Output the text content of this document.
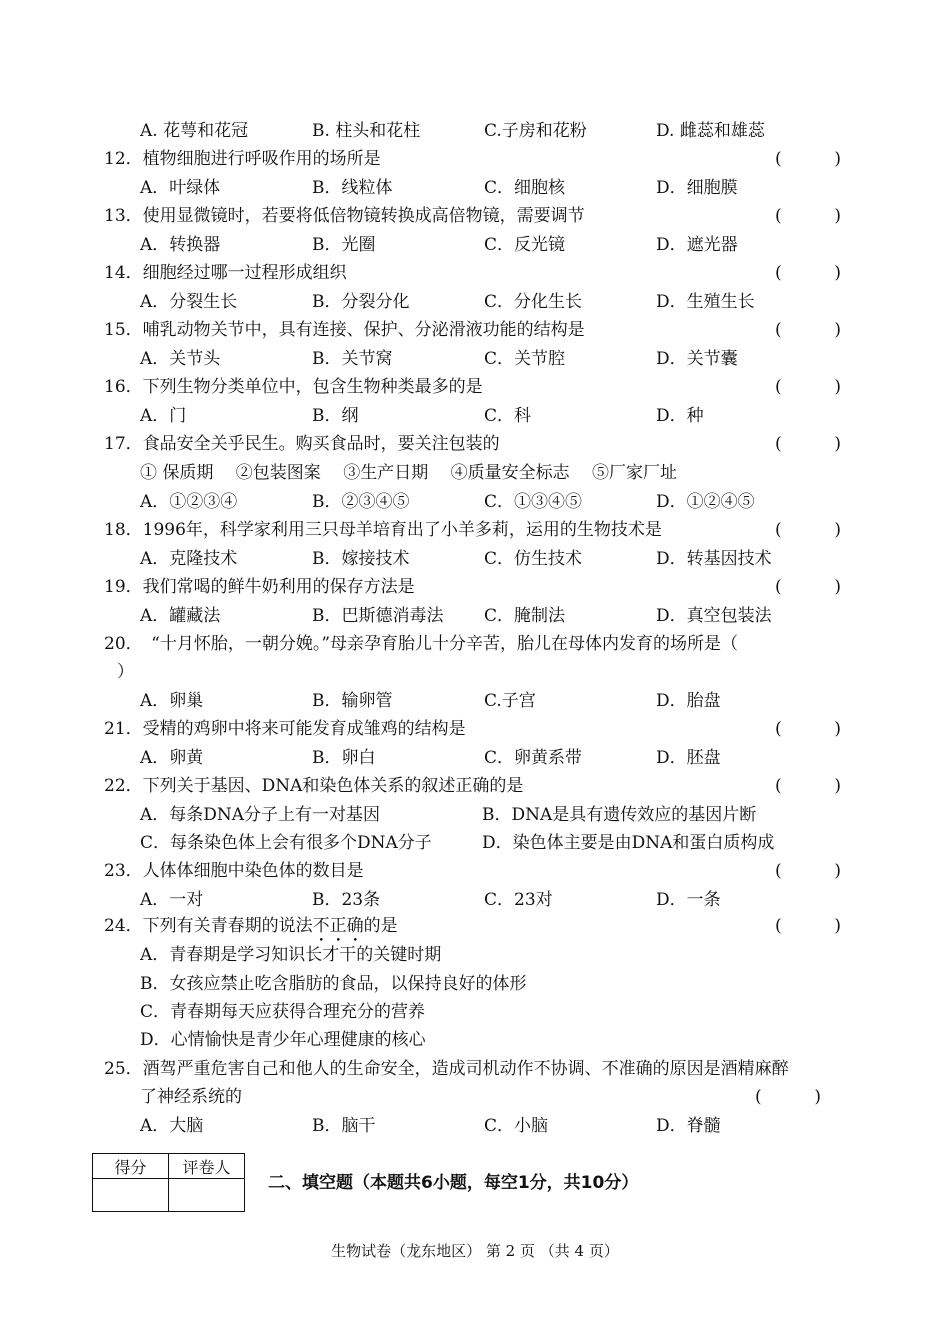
A. 花萼和花冠	B. 柱头和花柱	C.子房和花粉	D. 雌蕊和雄蕊
12．植物细胞进行呼吸作用的场所是	(	)
A．叶绿体	B．线粒体	C．细胞核	D．细胞膜
13．使用显微镜时，若要将低倍物镜转换成高倍物镜，需要调节	(	)
A．转换器	B．光圈	C．反光镜	D．遮光器
14．细胞经过哪一过程形成组织	(	)
A．分裂生长	B．分裂分化	C．分化生长	D．生殖生长
15．哺乳动物关节中，具有连接、保护、分泌滑液功能的结构是	(	)
A．关节头	B．关节窝	C．关节腔	D．关节囊
16．下列生物分类单位中，包含生物种类最多的是	(	)
A．门	B．纲	C．科	D．种
17．食品安全关乎民生。购买食品时，要关注包装的	(	)
① 保质期　 ②包装图案　 ③生产日期　 ④质量安全标志　 ⑤厂家厂址
A．①②③④	B．②③④⑤	C．①③④⑤	D．①②④⑤
18．1996年，科学家利用三只母羊培育出了小羊多莉，运用的生物技术是	(	)
A．克隆技术	B．嫁接技术	C．仿生技术	D．转基因技术
19．我们常喝的鲜牛奶利用的保存方法是	(	)
A．罐藏法	B．巴斯德消毒法 C．腌制法	D．真空包装法
20．　“十月怀胎，一朝分娩。”母亲孕育胎儿十分辛苦，胎儿在母体内发育的场所是（
）
A．卵巢	B．输卵管	C.子宫	D．胎盘
21．受精的鸡卵中将来可能发育成雏鸡的结构是	(	)
A．卵黄	B．卵白	C．卵黄系带	D．胚盘
22．下列关于基因、DNA和染色体关系的叙述正确的是	(	)
A．每条DNA分子上有一对基因	B．DNA是具有遗传效应的基因片断
C．每条染色体上会有很多个DNA分子	D．染色体主要是由DNA和蛋白质构成
23．人体体细胞中染色体的数目是	(	)
A．一对	B．23条	C．23对	D．一条
24．下列有关青春期的说法不正确的是	(	)
A．青春期是学习知识长才干的关键时期
B．女孩应禁止吃含脂肪的食品，以保持良好的体形
C．青春期每天应获得合理充分的营养
D．心情愉快是青少年心理健康的核心
25．酒驾严重危害自己和他人的生命安全，造成司机动作不协调、不准确的原因是酒精麻醉
了神经系统的	(	)
A．大脑	B．脑干	C．小脑	D．脊髓
得分	评卷人

二、填空题（本题共6小题，每空1分，共10分）
生物试卷（龙东地区） 第 2 页 （共 4 页）
